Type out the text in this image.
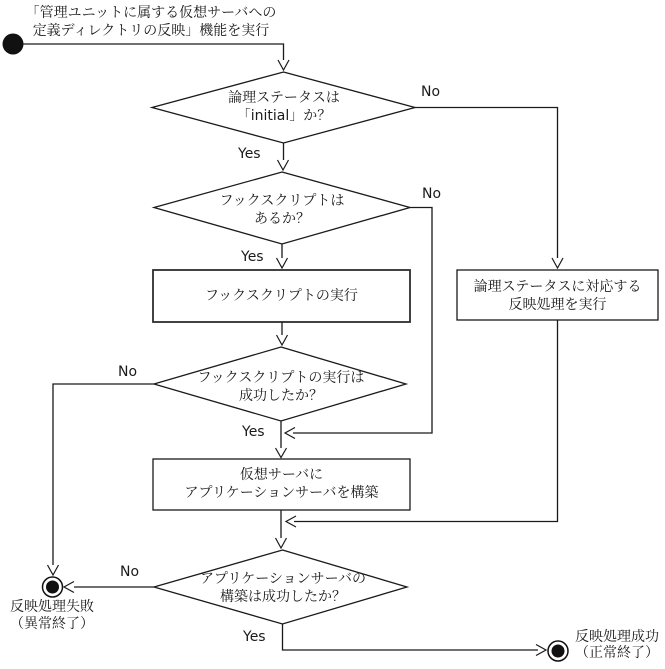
「管理ユニットに属する仮想サーバへの
定義ディレクトリの反映」機能を実行
論理ステータスは
「initial」か？
フックスクリプトは
あるか？
フックスクリプトの実行
フックスクリプトの実行は
成功したか？
仮想サーバに
アプリケーションサーバを構築
論理ステータスに対応する
反映処理を実行
アプリケーションサーバの
構築は成功したか？
反映処理失敗
（異常終了）
反映処理成功
（正常終了）
Yes
No
Yes
No
No
Yes
No
Yes
